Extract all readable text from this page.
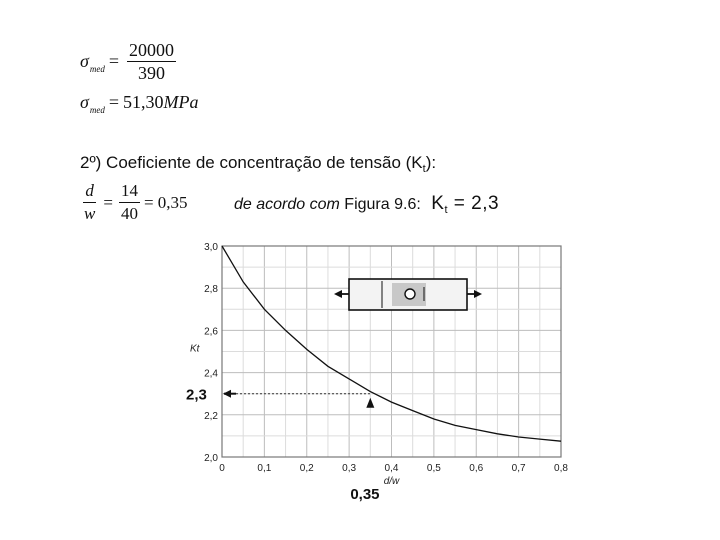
$\sigma_{med} = \frac{20000}{390}$
$\sigma_{med} = 51,30$ MPa
2º) Coeficiente de concentração de tensão $(K_t)$:
$\frac{d}{w} = \frac{14}{40} = 0,35$	de acordo com Figura 9.6: $K_t = 2,3$
0	0,1	0,2	0,3	0,4	0,5	0,6	0,7	0,8
2,0
2,2
2,4
2,6
2,8
3,0
Kt
d/w
2,3
0,35
